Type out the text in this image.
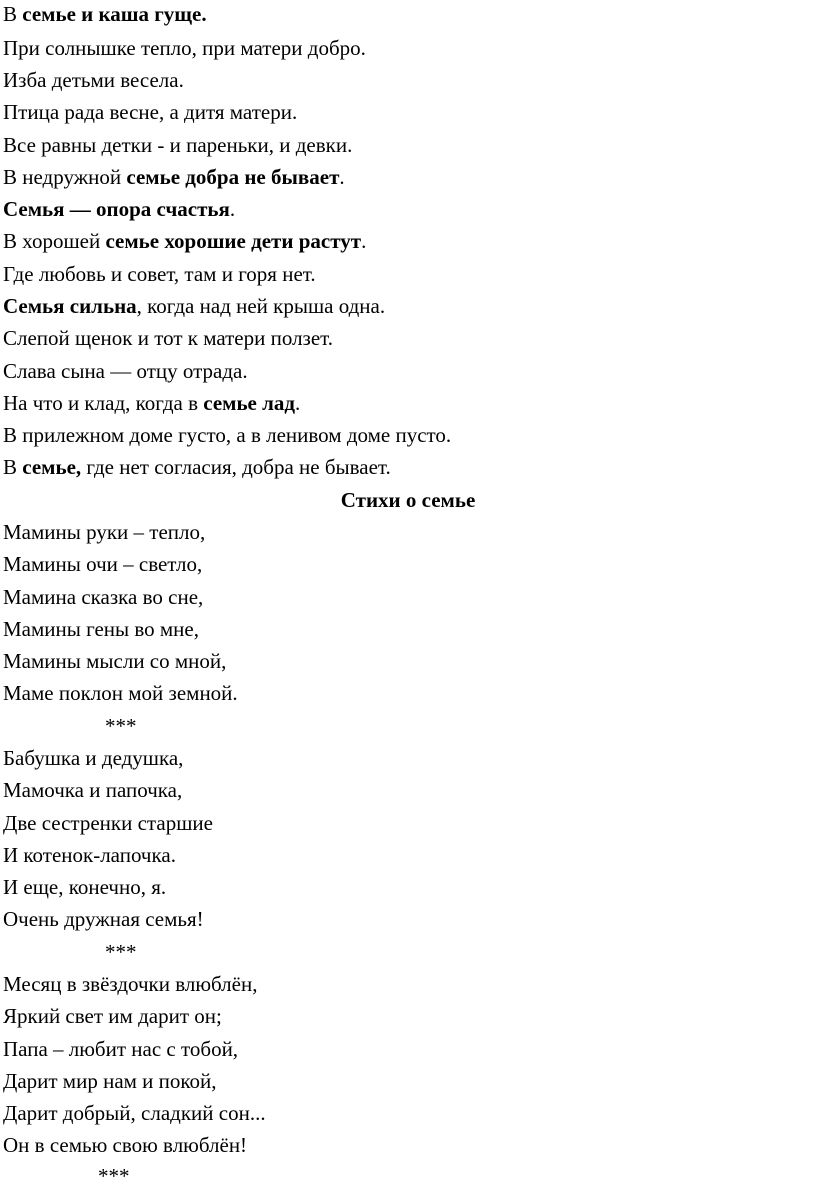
В семье и каша гуще.
При солнышке тепло, при матери добро.
Изба детьми весела.
Птица рада весне, а дитя матери.
Все равны детки - и пареньки, и девки.
В недружной семье добра не бывает.
Семья — опора счастья.
В хорошей семье хорошие дети растут.
Где любовь и совет, там и горя нет.
Семья сильна, когда над ней крыша одна.
Слепой щенок и тот к матери ползет.
Слава сына — отцу отрада.
На что и клад, когда в семье лад.
В прилежном доме густо, а в ленивом доме пусто.
В семье, где нет согласия, добра не бывает.
Стихи о семье
Мамины руки – тепло,
Мамины очи – светло,
Мамина сказка во сне,
Мамины гены во мне,
Мамины мысли со мной,
Маме поклон мой земной.
***
Бабушка и дедушка,
Мамочка и папочка,
Две сестренки старшие
И котенок-лапочка.
И еще, конечно, я.
Очень дружная семья!
***
Месяц в звёздочки влюблён,
Яркий свет им дарит он;
Папа – любит нас с тобой,
Дарит мир нам и покой,
Дарит добрый, сладкий сон...
Он в семью свою влюблён!
***
